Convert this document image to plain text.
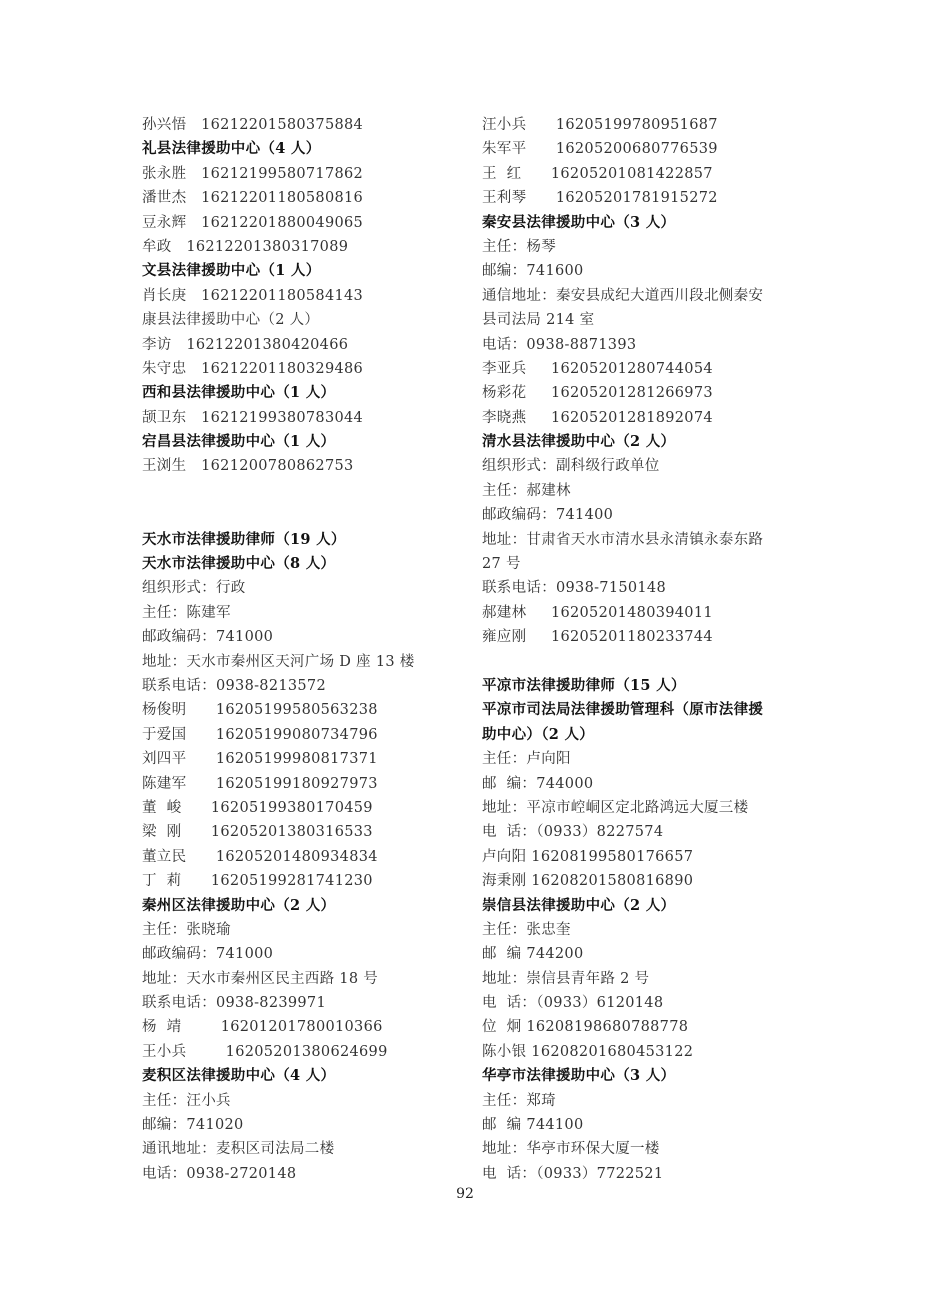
孙兴悟   16212201580375884
礼县法律援助中心（4 人）
张永胜   16212199580717862
潘世杰   16212201180580816
豆永辉   16212201880049065
牟政   16212201380317089
文县法律援助中心（1 人）
肖长庚   16212201180584143
康县法律援助中心（2 人）
李访   16212201380420466
朱守忠   16212201180329486
西和县法律援助中心（1 人）
颉卫东   16212199380783044
宕昌县法律援助中心（1 人）
王浏生   1621200780862753
天水市法律援助律师（19 人）
天水市法律援助中心（8 人）
组织形式：行政
主任：陈建军
邮政编码：741000
地址：天水市秦州区天河广场 D 座 13 楼
联系电话：0938-8213572
杨俊明      16205199580563238
于爱国      16205199080734796
刘四平      16205199980817371
陈建军      16205199180927973
董  峻      16205199380170459
梁  刚      16205201380316533
董立民      16205201480934834
丁  莉      16205199281741230
秦州区法律援助中心（2 人）
主任：张晓瑜
邮政编码：741000
地址：天水市秦州区民主西路 18 号
联系电话：0938-8239971
杨  靖        16201201780010366
王小兵        16205201380624699
麦积区法律援助中心（4 人）
主任：汪小兵
邮编：741020
通讯地址：麦积区司法局二楼
电话：0938-2720148
汪小兵      16205199780951687
朱军平      16205200680776539
王  红      16205201081422857
王利琴      16205201781915272
秦安县法律援助中心（3 人）
主任：杨琴
邮编：741600
通信地址：秦安县成纪大道西川段北侧秦安
县司法局 214 室
电话：0938-8871393
李亚兵     16205201280744054
杨彩花     16205201281266973
李晓燕     16205201281892074
清水县法律援助中心（2 人）
组织形式：副科级行政单位
主任：郝建林
邮政编码：741400
地址：甘肃省天水市清水县永清镇永泰东路
27 号
联系电话：0938-7150148
郝建林     16205201480394011
雍应刚     16205201180233744
平凉市法律援助律师（15 人）
平凉市司法局法律援助管理科（原市法律援
助中心）（2 人）
主任：卢向阳
邮  编：744000
地址：平凉市崆峒区定北路鸿远大厦三楼
电  话：（0933）8227574
卢向阳 16208199580176657
海秉刚 16208201580816890
崇信县法律援助中心（2 人）
主任：张忠奎
邮  编 744200
地址：崇信县青年路 2 号
电  话：（0933）6120148
位  炯 16208198680788778
陈小银 16208201680453122
华亭市法律援助中心（3 人）
主任：郑琦
邮  编 744100
地址：华亭市环保大厦一楼
电  话：（0933）7722521
92
